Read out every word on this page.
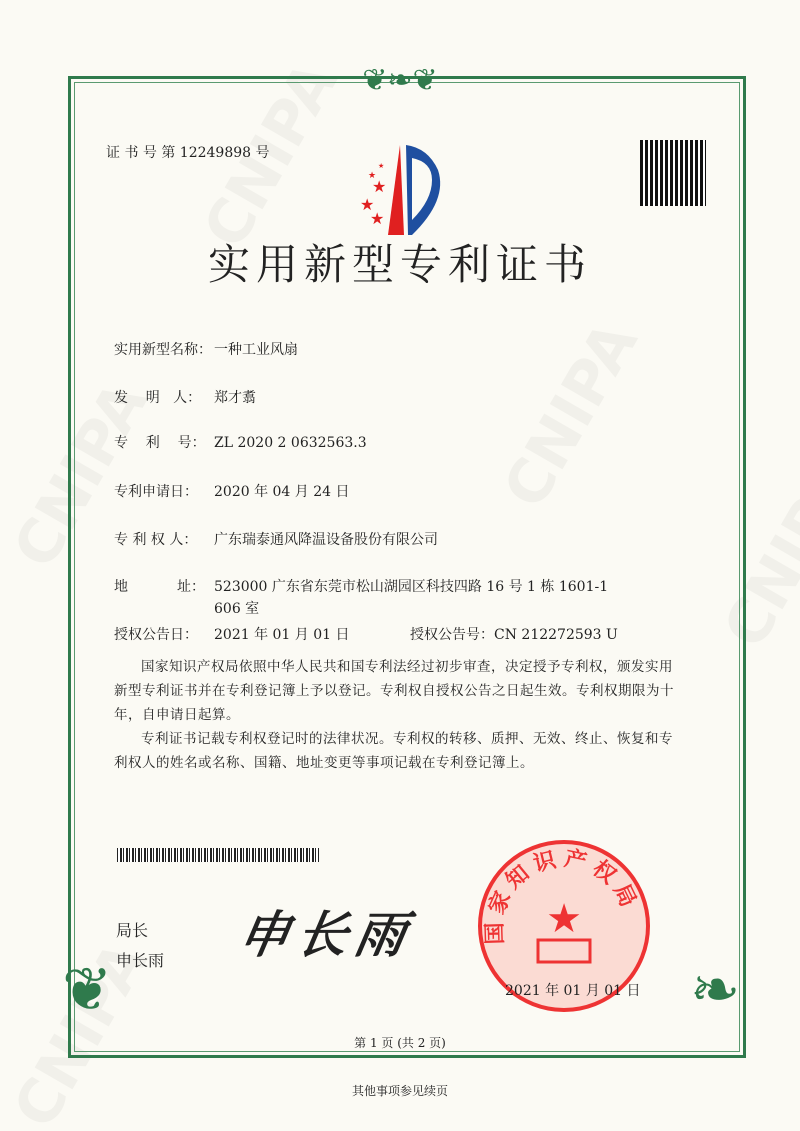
❦❧❦
❦	❧
证 书 号 第 12249898 号
★
★
★
★
★
实用新型专利证书
实用新型名称： 一种工业风扇
发    明   人： 郑才翥
专    利    号： ZL 2020 2 0632563.3
专利申请日： 2020 年 04 月 24 日
专 利 权 人： 广东瑞泰通风降温设备股份有限公司
地           址： 523000 广东省东莞市松山湖园区科技四路 16 号 1 栋 1601-1
606 室
授权公告日： 2021 年 01 月 01 日	授权公告号：CN 212272593 U
国家知识产权局依照中华人民共和国专利法经过初步审查，决定授予专利权，颁发实用新型专利证书并在专利登记簿上予以登记。专利权自授权公告之日起生效。专利权期限为十年，自申请日起算。
专利证书记载专利权登记时的法律状况。专利权的转移、质押、无效、终止、恢复和专利权人的姓名或名称、国籍、地址变更等事项记载在专利登记簿上。
局长
申长雨 申长雨	国家知识产权局
★
2021 年 01 月 01 日
第 1 页 (共 2 页)
其他事项参见续页
